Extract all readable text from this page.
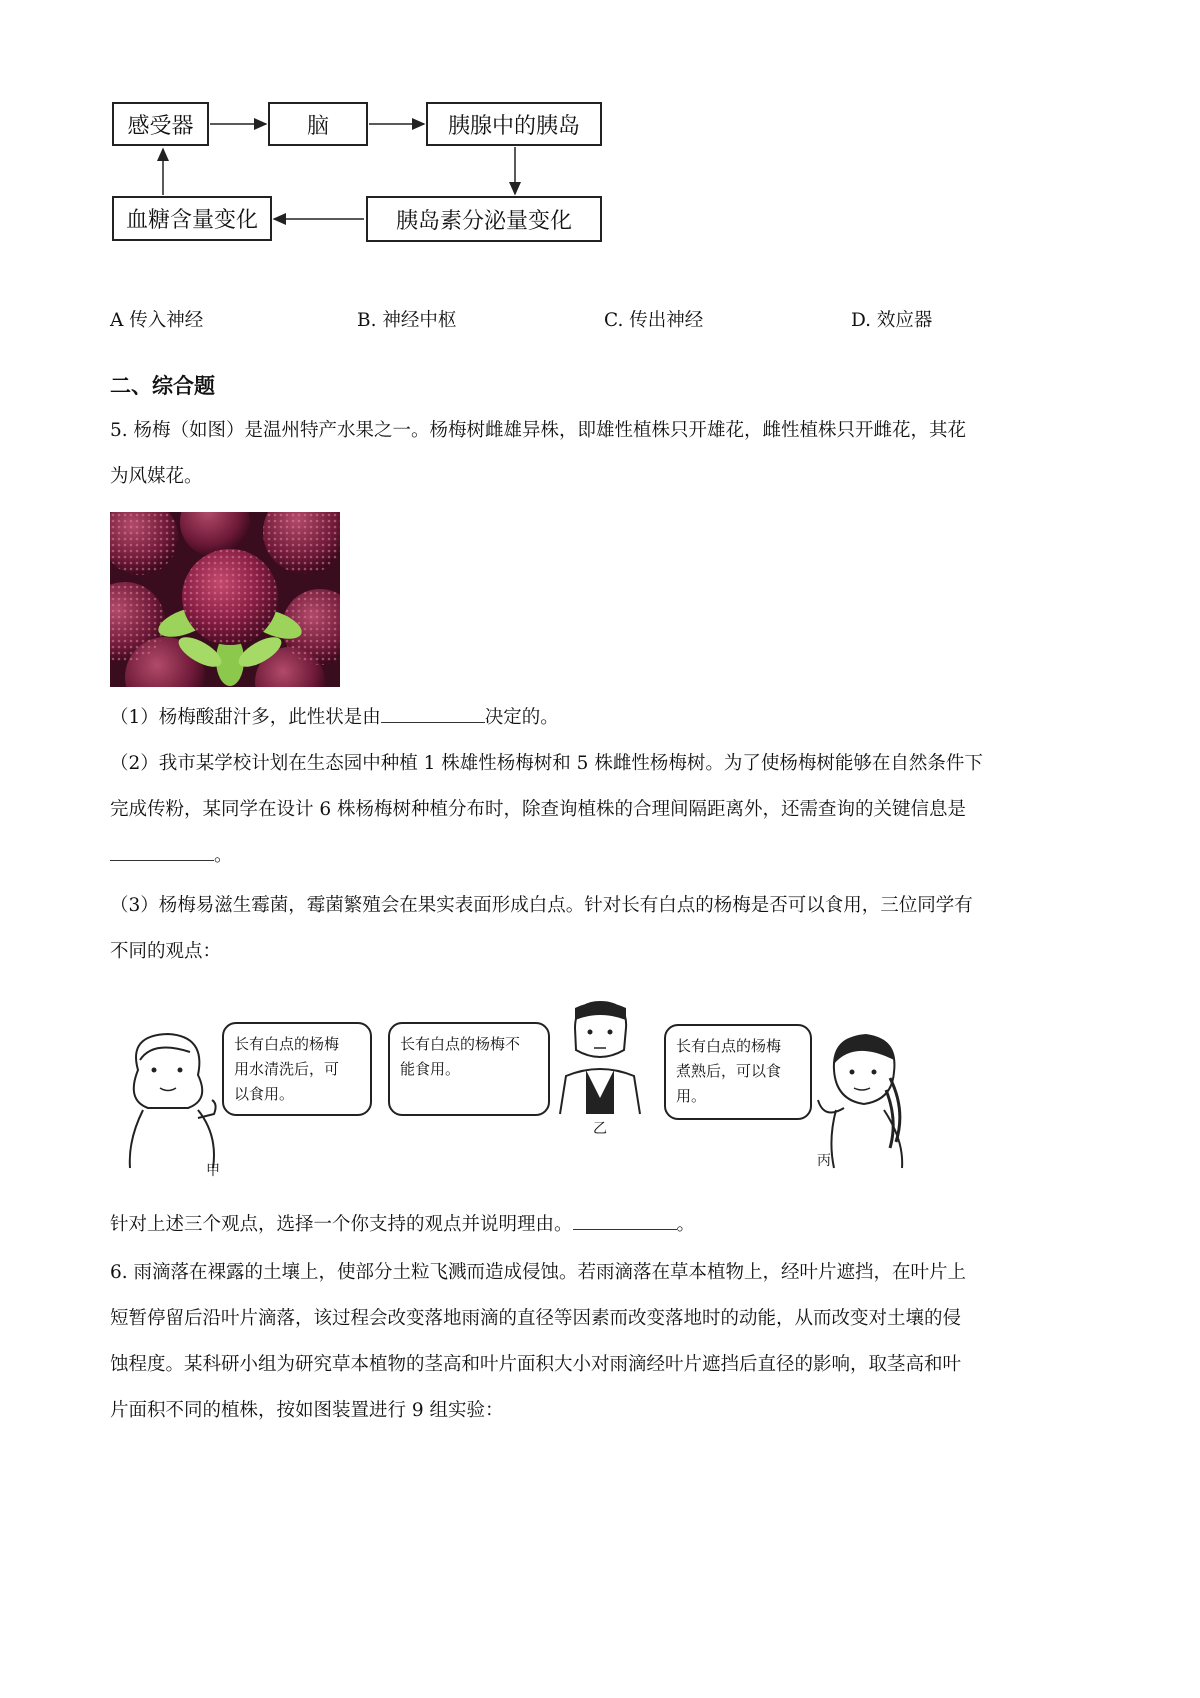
感受器	脑	胰腺中的胰岛
血糖含量变化	胰岛素分泌量变化
A 传入神经	B. 神经中枢	C. 传出神经	D. 效应器
二、综合题
5. 杨梅（如图）是温州特产水果之一。杨梅树雌雄异株，即雄性植株只开雄花，雌性植株只开雌花，其花
为风媒花。
（1）杨梅酸甜汁多，此性状是由	决定的。
（2）我市某学校计划在生态园中种植 1 株雄性杨梅树和 5 株雌性杨梅树。为了使杨梅树能够在自然条件下
完成传粉，某同学在设计 6 株杨梅树种植分布时，除查询植株的合理间隔距离外，还需查询的关键信息是
。
（3）杨梅易滋生霉菌，霉菌繁殖会在果实表面形成白点。针对长有白点的杨梅是否可以食用，三位同学有
不同的观点：
甲
长有白点的杨梅
用水清洗后，可
以食用。
长有白点的杨梅不
能食用。
乙
长有白点的杨梅
煮熟后，可以食
用。
丙
针对上述三个观点，选择一个你支持的观点并说明理由。	。
6. 雨滴落在裸露的土壤上，使部分土粒飞溅而造成侵蚀。若雨滴落在草本植物上，经叶片遮挡，在叶片上
短暂停留后沿叶片滴落，该过程会改变落地雨滴的直径等因素而改变落地时的动能，从而改变对土壤的侵
蚀程度。某科研小组为研究草本植物的茎高和叶片面积大小对雨滴经叶片遮挡后直径的影响，取茎高和叶
片面积不同的植株，按如图装置进行 9 组实验：
